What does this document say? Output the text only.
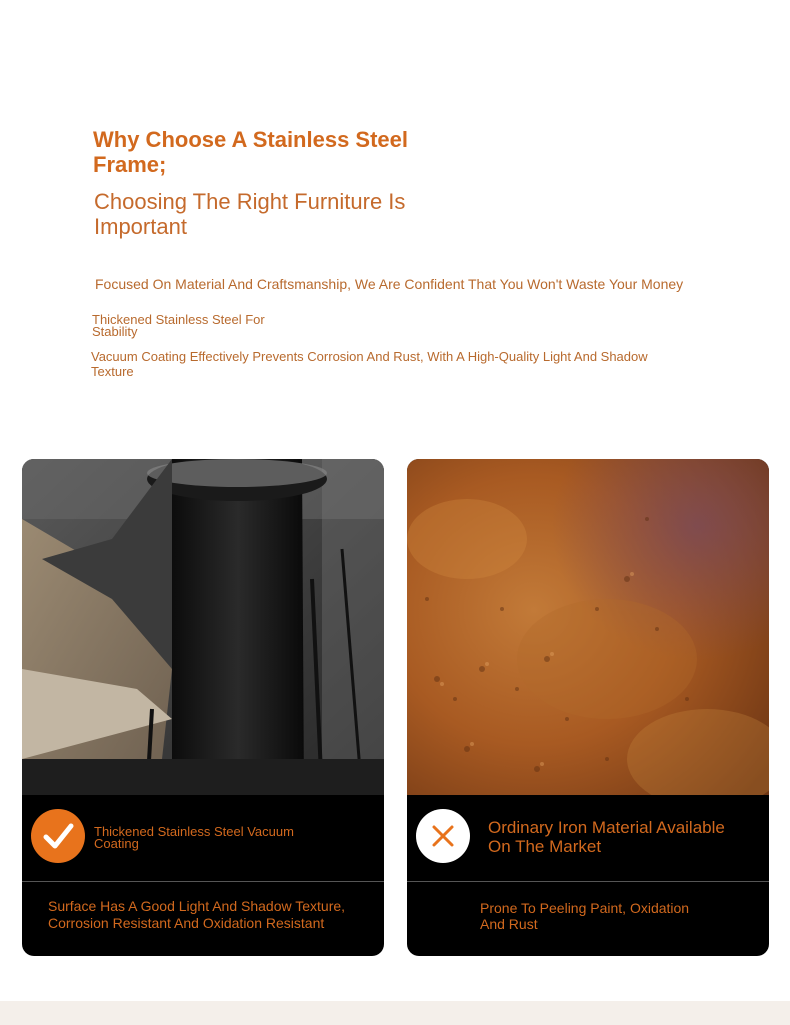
Why Choose A Stainless Steel Frame;
Choosing The Right Furniture Is Important
Focused On Material And Craftsmanship, We Are Confident That You Won't Waste Your Money
Thickened Stainless Steel For Stability
Vacuum Coating Effectively Prevents Corrosion And Rust, With A High-Quality Light And Shadow Texture
Thickened Stainless Steel Vacuum Coating
Surface Has A Good Light And Shadow Texture, Corrosion Resistant And Oxidation Resistant
Ordinary Iron Material Available On The Market
Prone To Peeling Paint, Oxidation And Rust
